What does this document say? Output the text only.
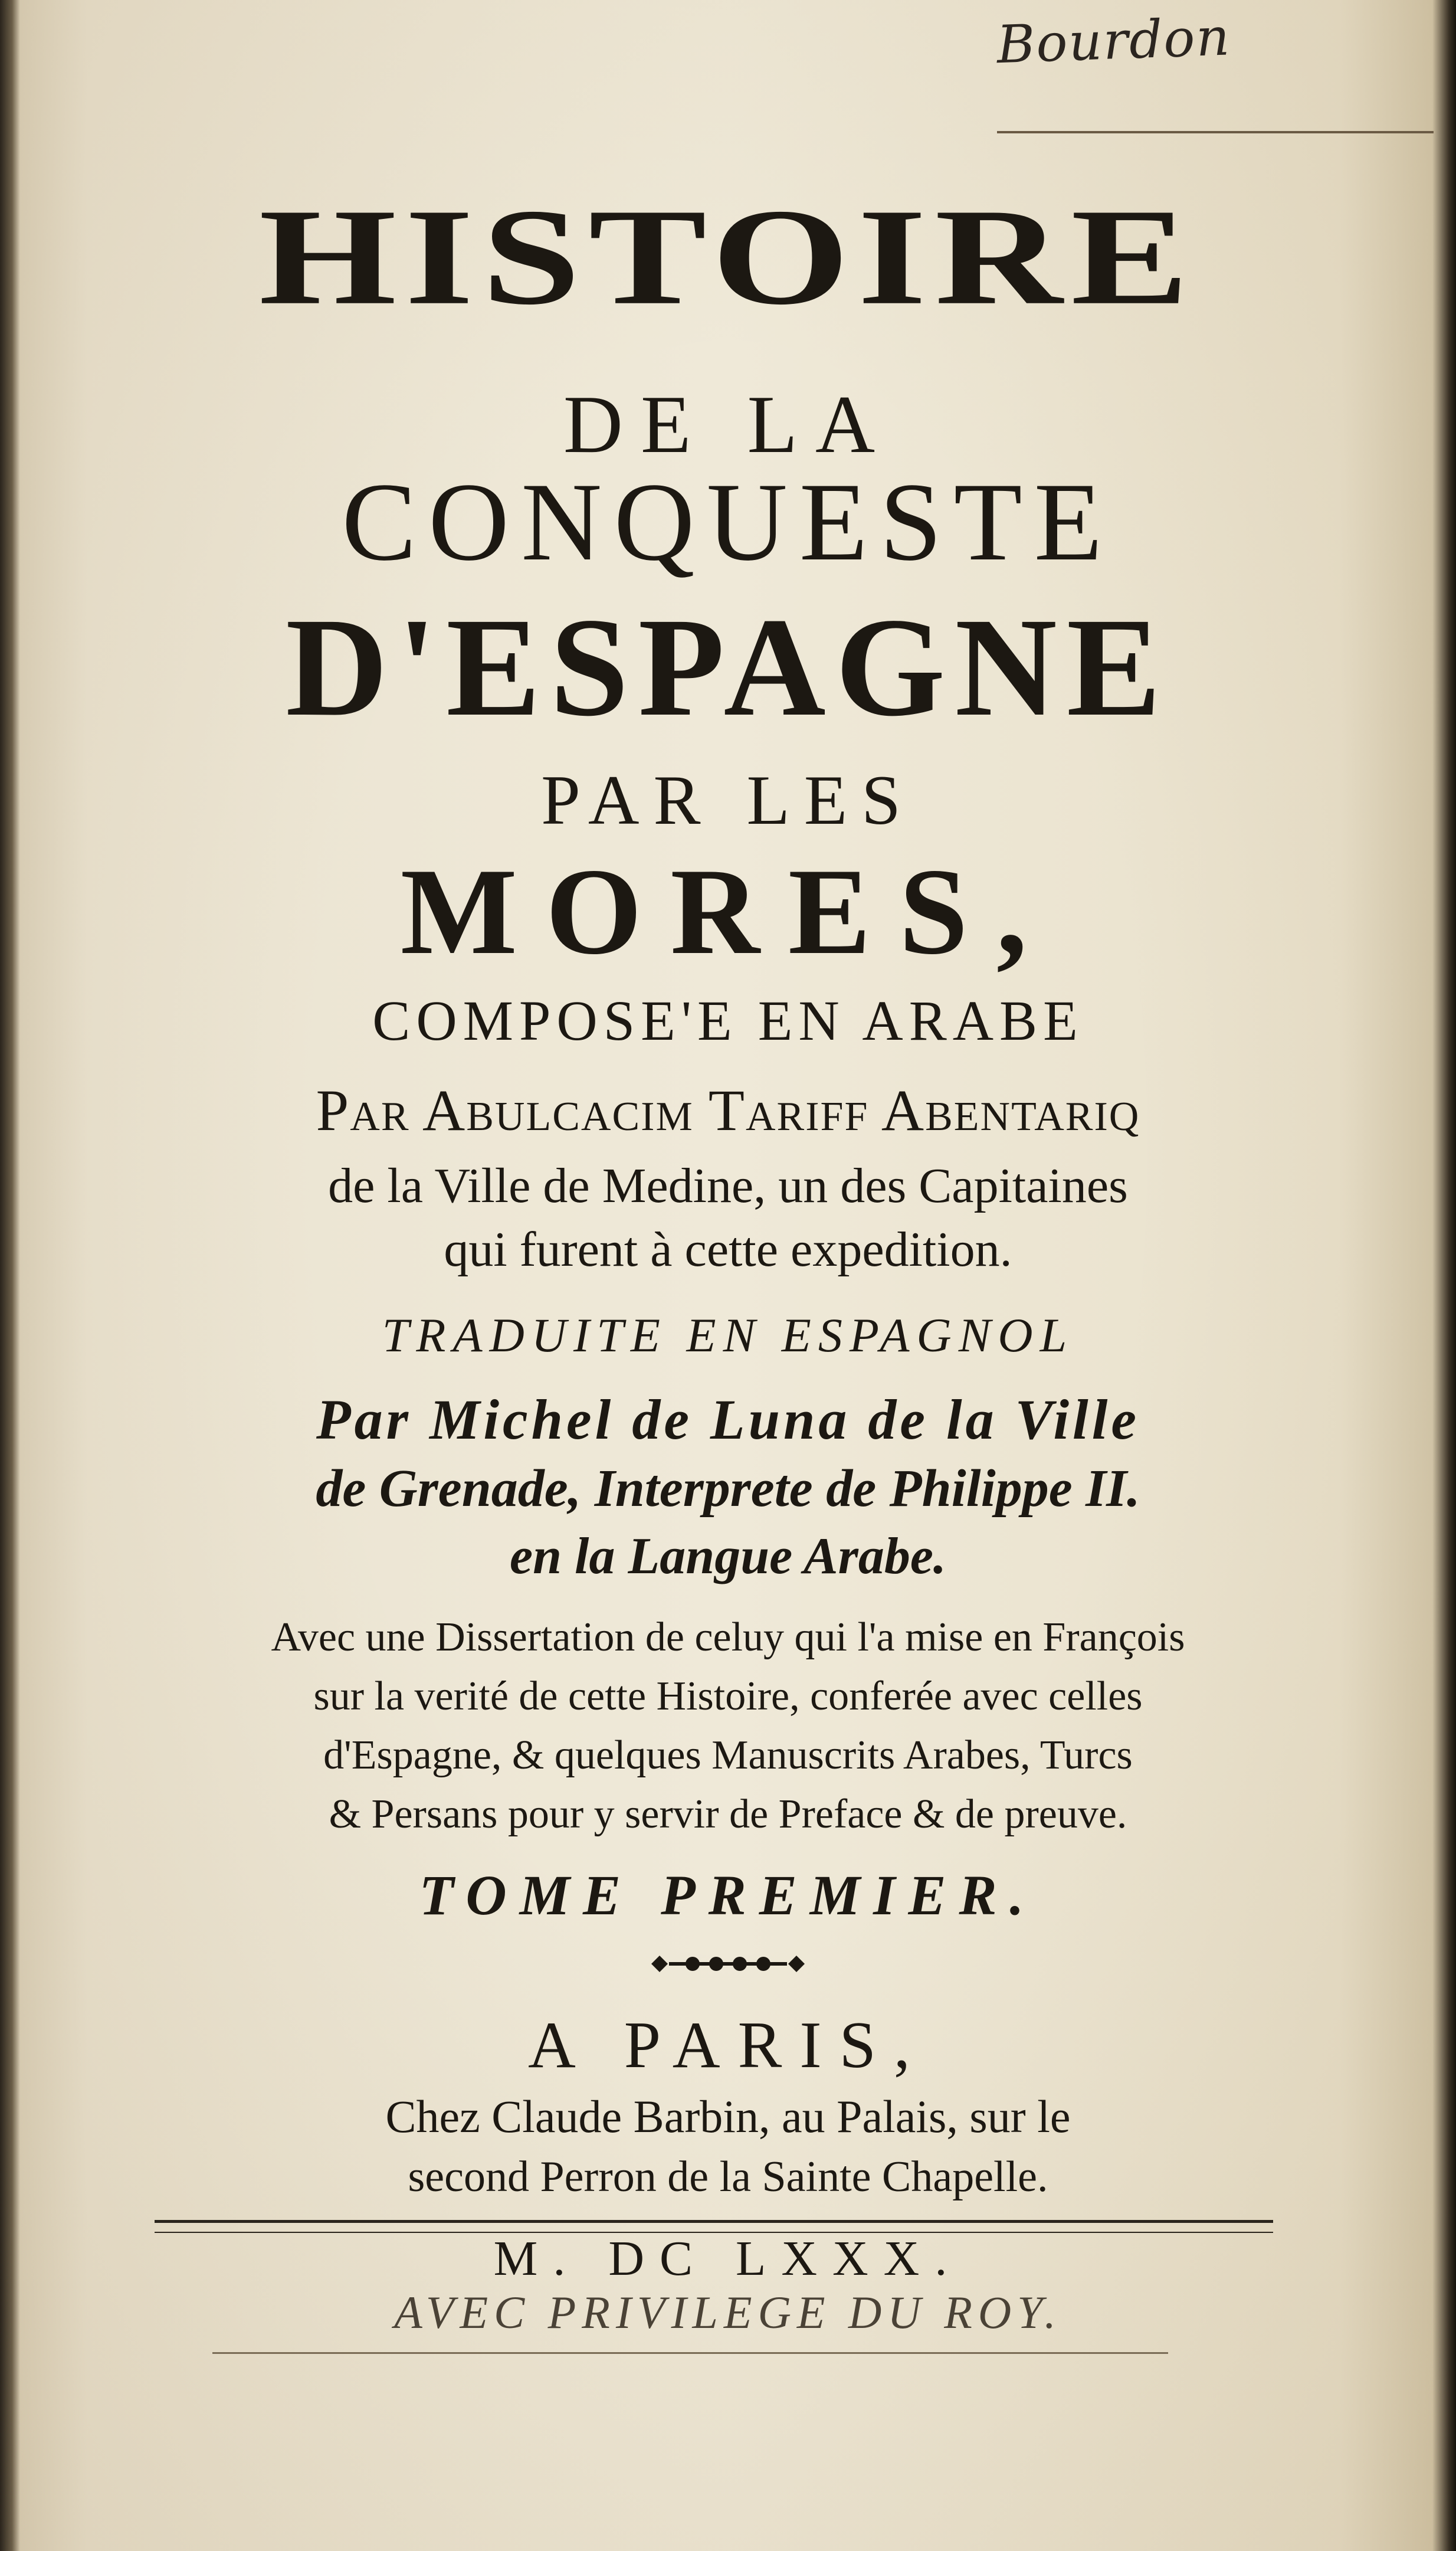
Bourdon
HISTOIRE
DE LA
CONQUESTE
D'ESPAGNE
PAR LES
MORES,
COMPOSE'E EN ARABE
Par Abulcacim Tariff Abentariq
de la Ville de Medine, un des Capitaines
qui furent à cette expedition.
TRADUITE EN ESPAGNOL
Par Michel de Luna de la Ville
de Grenade, Interprete de Philippe II.
en la Langue Arabe.
Avec une Dissertation de celuy qui l'a mise en François
sur la verité de cette Histoire, conferée avec celles
d'Espagne, & quelques Manuscrits Arabes, Turcs
& Persans pour y servir de Preface & de preuve.
TOME PREMIER.
A PARIS,
Chez Claude Barbin, au Palais, sur le
second Perron de la Sainte Chapelle.
M. DC LXXX.
AVEC PRIVILEGE DU ROY.
